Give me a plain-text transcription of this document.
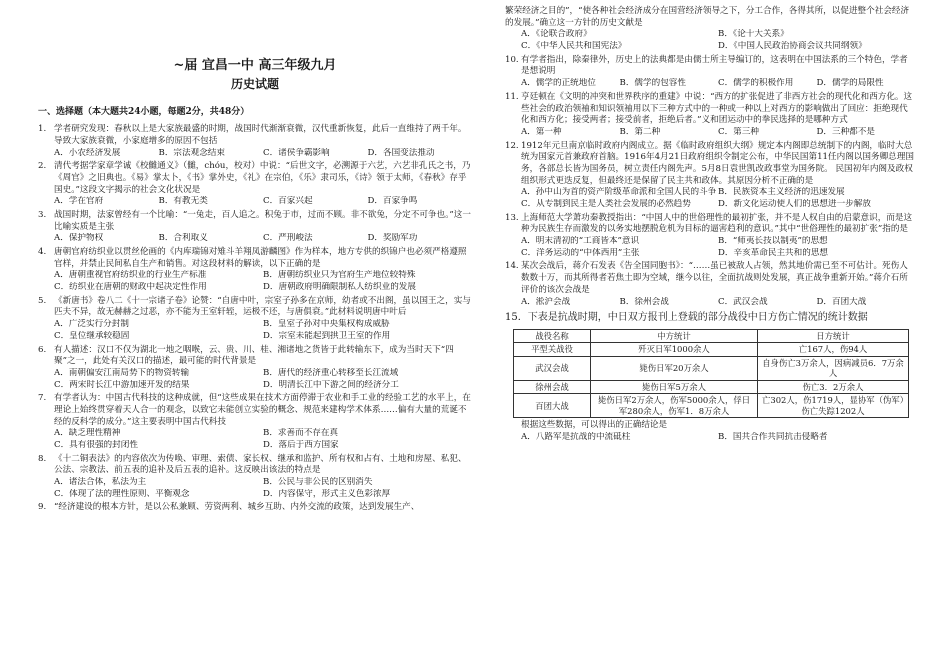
~届 宜昌一中 高三年级九月
历史试题
一、选择题（本大题共24小题，每题2分，共48分）
1. 学者研究发现：春秋以上是大家族最盛的时期，战国时代渐渐衰微，汉代重新恢复，此后一直维持了两千年。导致大家族衰微，小家庭增多的原因不包括
A．小农经济发展	B．宗法观念结束	C．诸侯争霸影响	D．各国变法推动
2. 清代考据学家章学诚《校雠通义》（雠，chóu，校对）中说：“后世文字，必溯源于六艺，六艺非孔氏之书，乃《周官》之旧典也。《易》掌太卜，《书》掌外史，《礼》在宗伯，《乐》隶司乐，《诗》领于太师，《春秋》存乎国史。”这段文字揭示的社会文化状况是
A．学在官府	B．有教无类	C．百家兴起	D．百家争鸣
3. 战国时期，法家曾经有一个比喻：“一兔走，百人追之。积兔于市，过而不顾。非不欲兔，分定不可争也。”这一比喻实质是主张
A．保护物权	B．合利取义	C．严刑峻法	D．奖励军功
4. 唐朝官府纺织业以贯丝伦画的《内库瑞锦对雉斗羊翔凤游麟图》作为样本，地方专供的织锦户也必须严格遵照官样，并禁止民间私自生产和销售。对这段材料的解读，以下正确的是
A．唐朝重视官府纺织业的行业生产标准	B．唐朝纺织业只为官府生产地位较特殊
C．纺织业在唐朝的财政中起决定性作用	D．唐朝政府明确限制私人纺织业的发展
5. 《新唐书》卷八二《十一宗诸子卷》论赞：“自唐中叶，宗室子孙多在京师，幼者或不出阁，虽以国王之，实与匹夫不异，故无赫赫之过恶，亦不能为王室轩轾，运极不还，与唐俱衰。”此材料说明唐中叶后
A．广泛实行分封制	B．皇室子孙对中央集权构成威胁
C．皇位继承较稳固	D．宗室未能起到拱卫王室的作用
6. 有人描述：汉口不仅为湖北一地之咽喉，云、贵、川、桂、湘诸地之货皆于此转输东下，成为当时天下“四聚”之一，此处有关汉口的描述，最可能的时代背景是
A．南朝偏安江南局势下的物资转输	B．唐代的经济重心转移至长江流域
C．两宋时长江中游加速开发的结果	D．明清长江中下游之间的经济分工
7. 有学者认为：中国古代科技的这种成就，但“这些成果在技术方面停滞于农业和手工业的经验工艺的水平上，在理论上始终贯穿着天人合一的观念，以致它未能创立实验的概念、规范来建构学术体系……偏有大量的荒诞不经的反科学的成分。”这主要表明中国古代科技
A．缺乏理性精神	B．求善而不存在真
C．具有很强的封闭性	D．落后于西方国家
8. 《十二铜表法》的内容依次为传唤、审理、索债、家长权、继承和监护、所有权和占有、土地和房屋、私犯、公法、宗教法、前五表的追补及后五表的追补。这反映出该法的特点是
A．诸法合体，私法为主	B．公民与非公民的区别消失
C．体现了法的理性原则、平衡观念	D．内容保守，形式主义色彩浓厚
9. “经济建设的根本方针，是以公私兼顾、劳资两利、城乡互助、内外交流的政策，达到发展生产、
繁荣经济之目的”，“使各种社会经济成分在国营经济领导之下，分工合作，各得其所，以促进整个社会经济的发展。”确立这一方针的历史文献是
A．《论联合政府》	B．《论十大关系》
C．《中华人民共和国宪法》	D．《中国人民政治协商会议共同纲领》
10. 有学者指出，除秦律外，历史上的法典都是由儒士所主导编订的，这表明在中国法系的三个特色，学者是想说明
A．儒学的正统地位	B．儒学的包容性	C．儒学的积极作用	D．儒学的局限性
11. 亨廷顿在《文明的冲突和世界秩序的重建》中说：“西方的扩张促进了非西方社会的现代化和西方化。这些社会的政治领袖和知识领袖用以下三种方式中的一种或一种以上对西方的影响做出了回应：拒绝现代化和西方化；接受两者；接受前者，拒绝后者。”义和团运动中的拳民选择的是哪种方式
A．第一种	B．第二种	C．第三种	D．三种都不是
12. 1912年元旦南京临时政府内阁成立。据《临时政府组织大纲》规定本内阁即总统制下的内阁，临时大总统为国家元首兼政府首脑。1916年4月21日政府组织令制定公布，中华民国第11任内阁以国务卿总理国务，各部总长皆为国务员，树立责任内阁先声。5月8日袁世凯改政事堂为国务院。 民国初年内阁及政权组织形式更迭反复，但最终还是保留了民主共和政体。其原因分析不正确的是
A．孙中山为首的资产阶级革命派和全国人民的斗争 B．民族资本主义经济的迅速发展
C．从专制到民主是人类社会发展的必然趋势	D．新文化运动使人们的思想进一步解放
13. 上海师范大学萧功秦教授指出：“中国人中的世俗理性的最初扩张，并不是人权自由的启蒙意识，而是这种为民族生存而激发的以务实地摆脱危机为目标的逼害趋利的意识。”其中“世俗理性的最初扩张”指的是
A．明末清初的“工商皆本”意识	B．“师夷长技以制夷”的思想
C．洋务运动的“中体西用”主张	D．辛亥革命民主共和的思想
14. 某次会战后，蒋介石发表《告全国同胞书》：“……虽已被敌人占领，然其地价需已至不可估计。死伤人数数十万，而其所得者若焦土即为空域，继今以往，全面抗战则处发展，真正战争重新开始。”蒋介石所评价的该次会战是
A．淞沪会战	B．徐州会战	C．武汉会战	D．百团大战
15．下表是抗战时期，中日双方报刊上登载的部分战役中日方伤亡情况的统计数据
战役名称	中方统计	日方统计
平型关战役	歼灭日军1000余人	亡167人，伤94人
武汉会战	毙伤日军20万余人	自身伤亡3万余人，因病减员6．7万余人
徐州会战	毙伤日军5万余人	伤亡3．2万余人
百团大战	毙伤日军2万余人，伤军5000余人，俘日军280余人，伤军1．8万余人	亡302人，伤1719人，显协军（伪军）伤亡失踪1202人
根据这些数据，可以得出的正确结论是
A．八路军是抗战的中流砥柱	B．国共合作共同抗击侵略者
